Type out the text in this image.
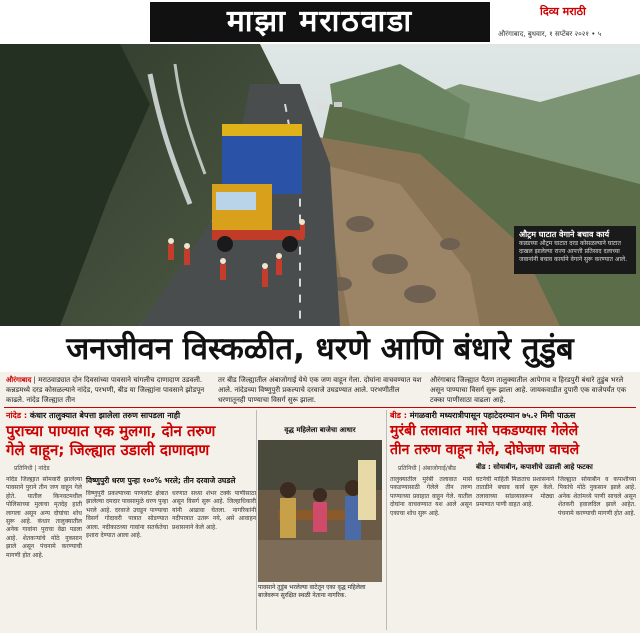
माझा मराठवाडा	दिव्य मराठी
औरंगाबाद, बुधवार, १ सप्टेंबर २०२१ • ५
औट्रम घाटात वेगाने बचाव कार्य
कन्नडच्या औट्रम घाटात दरड कोसळल्याने घाटात दाखल झालेल्या राज्य आपत्ती प्रतिसाद दलाच्या जवानांनी बचाव कार्याने वेगाने सुरू करण्यात आले.
जनजीवन विस्कळीत, धरणे आणि बंधारे तुडुंब
औरंगाबाद | मराठवाड्यात दोन दिवसांच्या पावसाने चांगलीच दाणादाण उडवली. कन्नडमध्ये दरड कोसळल्याने नांदेड, परभणी, बीड या जिल्ह्यांना पावसाने झोडपून काढले. नांदेड जिल्ह्यात तीन
तर बीड जिल्ह्यातील अंबाजोगाई येथे एक जण वाहून गेला. दोघांना वाचवण्यात यश आले. नांदेडच्या विष्णुपुरी प्रकल्पाचे दरवाजे उघडण्यात आले. परभणीतील धरणातूनही पाण्याचा विसर्ग सुरू झाला.
औरंगाबाद जिल्ह्यात पैठण तालुक्यातील आपेगाव व हिरडपुरी बंधारे तुडुंब भरले असून पाण्याचा विसर्ग सुरू झाला आहे. जायकवाडीत दुपारी एक वाजेपर्यंत एक टक्का पाणीसाठा वाढला आहे.
नांदेड : कंधार तालुक्यात बेपत्ता झालेला तरुण सापडला नाही
पुराच्या पाण्यात एक मुलगा, दोन तरुण
गेले वाहून; जिल्ह्यात उडाली दाणादाण
प्रतिनिधी | नांदेड
नांदेड जिल्ह्यात सोमवारी झालेल्या पावसाने पुराने तीन जण वाहून गेले होते. यातील किनवटमधील पोलिसाच्या मुलाचा मृतदेह हाती लागला असून अन्य दोघांचा शोध सुरू आहे. कंधार तालुक्यातील अनेक गावांना पुराचा वेढा पडला आहे. शेतकऱ्यांचे मोठे नुकसान झाले असून पंचनामे करण्याची मागणी होत आहे.
विष्णुपुरी धरण पुन्हा १००% भरले; तीन दरवाजे उघडले
विष्णुपुरी प्रकल्पाच्या पाणलोट क्षेत्रात झालेल्या दमदार पावसामुळे धरण पुन्हा भरले आहे. दरवाजे उघडून पाण्याचा विसर्ग गोदावरी पात्रात सोडण्यात आला. नदीकाठच्या गावांना सतर्कतेचा इशारा देण्यात आला आहे.
धरणात सध्या शंभर टक्के पाणीसाठा असून विसर्ग सुरू आहे. जिल्हाधिकारी यांनी आढावा घेतला. नागरिकांनी नदीपात्रात उतरू नये, असे आवाहन प्रशासनाने केले आहे.
वृद्ध महिलेला बाजेचा आधार
पावसाने तुडुंब भरलेल्या वाटेतून एका वृद्ध महिलेला बाजेवरून सुरक्षित स्थळी नेताना नागरिक.
बीड : मंगळवारी मध्यरात्रीपासून पहाटेदरम्यान ७५.२ मिमी पाऊस
मुरंबी तलावात मासे पकडण्यास गेलेले
तीन तरुण वाहून गेले, दोघेजण वाचले
प्रतिनिधी | अंबाजोगाई/बीड	बीड : सोयाबीन, कपाशीचे उडाली आहे फटका
तालुक्यातील मुरंबी तलावात मासे पकडण्यासाठी गेलेले तीन तरुण पाण्याच्या प्रवाहात वाहून गेले. यातील दोघांना वाचवण्यात यश आले असून एकाचा शोध सुरू आहे.
घटनेची माहिती मिळताच प्रशासनाने तातडीने बचाव कार्य सुरू केले. तलावाच्या सांडव्यावरून मोठ्या प्रमाणात पाणी वाहत आहे.
जिल्ह्यात सोयाबीन व कपाशीच्या पिकांचे मोठे नुकसान झाले आहे. अनेक शेतांमध्ये पाणी साचले असून शेतकरी हवालदिल झाले आहेत. पंचनामे करण्याची मागणी होत आहे.
